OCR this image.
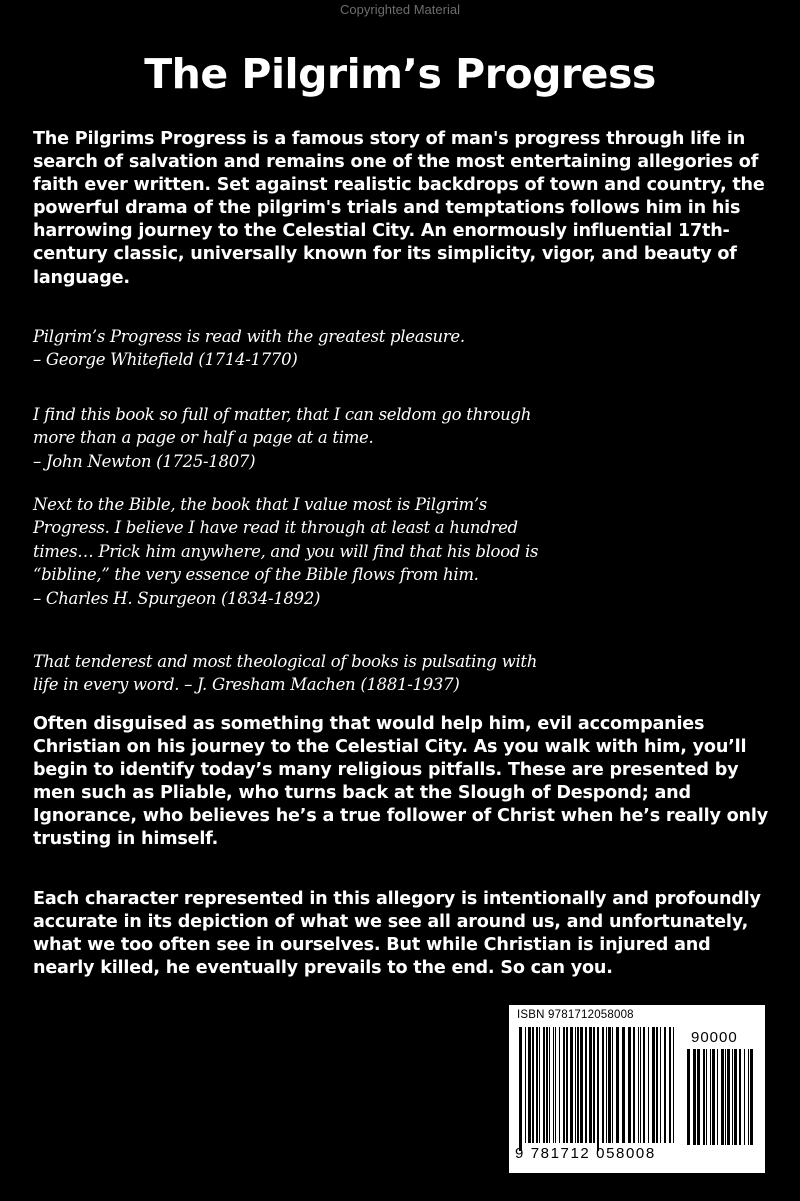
Copyrighted Material
The Pilgrim’s Progress

The Pilgrims Progress is a famous story of man's progress through life in search of salvation and remains one of the most entertaining allegories of faith ever written. Set against realistic backdrops of town and country, the powerful drama of the pilgrim's trials and temptations follows him in his harrowing journey to the Celestial City. An enormously influential 17th-century classic, universally known for its simplicity, vigor, and beauty of language.

Pilgrim’s Progress is read with the greatest pleasure.
– George Whitefield (1714-1770)
I find this book so full of matter, that I can seldom go through
more than a page or half a page at a time.
– John Newton (1725-1807)
Next to the Bible, the book that I value most is Pilgrim’s
Progress. I believe I have read it through at least a hundred
times… Prick him anywhere, and you will find that his blood is
“bibline,” the very essence of the Bible flows from him.
– Charles H. Spurgeon (1834-1892)
That tenderest and most theological of books is pulsating with
life in every word. – J. Gresham Machen (1881-1937)

Often disguised as something that would help him, evil accompanies Christian on his journey to the Celestial City. As you walk with him, you’ll begin to identify today’s many religious pitfalls. These are presented by men such as Pliable, who turns back at the Slough of Despond; and Ignorance, who believes he’s a true follower of Christ when he’s really only trusting in himself.

Each character represented in this allegory is intentionally and profoundly accurate in its depiction of what we see all around us, and unfortunately, what we too often see in ourselves. But while Christian is injured and nearly killed, he eventually prevails to the end. So can you.

ISBN 9781712058008
90000
9 781712 058008
